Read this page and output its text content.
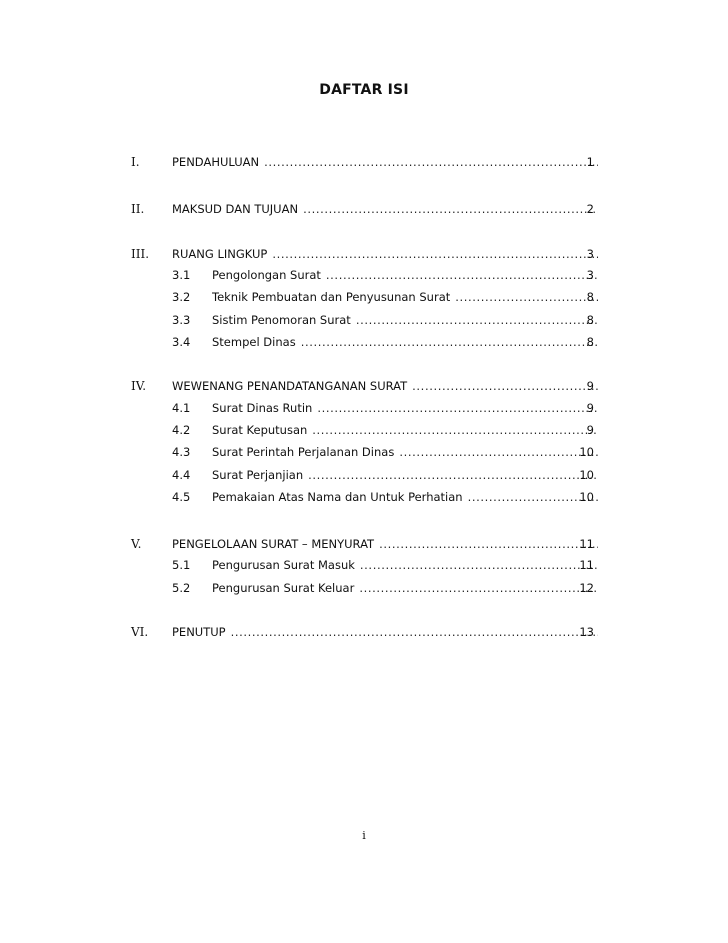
DAFTAR ISI
I.	PENDAHULUAN .....	1
II. MAKSUD DAN TUJUAN .....	2
III. RUANG LINGKUP .....	3
3.1 Pengolongan Surat .....	3
3.2 Teknik Pembuatan dan Penyusunan Surat .....	8
3.3 Sistim Penomoran Surat .....	8
3.4 Stempel Dinas .....	8
IV. WEWENANG PENANDATANGANAN SURAT .....	9
4.1 Surat Dinas Rutin .....	9
4.2 Surat Keputusan .....	9
4.3 Surat Perintah Perjalanan Dinas .....	10
4.4 Surat Perjanjian .....	10
4.5 Pemakaian Atas Nama dan Untuk Perhatian .....	10
V.	PENGELOLAAN SURAT – MENYURAT .....	11
5.1 Pengurusan Surat Masuk .....	11
5.2 Pengurusan Surat Keluar .....	12
VI. PENUTUP .....	13
i
